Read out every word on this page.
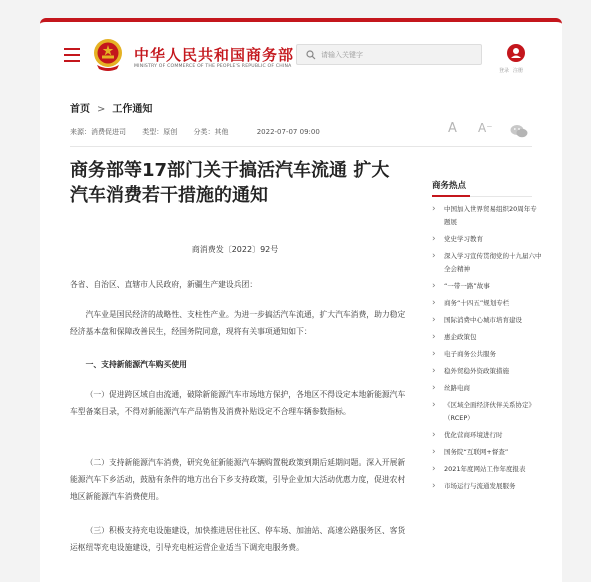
中华人民共和国商务部
MINISTRY OF COMMERCE OF THE PEOPLE'S REPUBLIC OF CHINA
请输入关键字
登录 注册
首页 > 工作通知
来源：消费促进司 类型：原创 分类：其他	2022-07-07 09:00	A A⁻
商务部等17部门关于搞活汽车流通 扩大汽车消费若干措施的通知
商消费发〔2022〕92号

各省、自治区、直辖市人民政府，新疆生产建设兵团：

汽车业是国民经济的战略性、支柱性产业。为进一步搞活汽车流通，扩大汽车消费，助力稳定经济基本盘和保障改善民生，经国务院同意，现将有关事项通知如下：

一、支持新能源汽车购买使用

（一）促进跨区域自由流通，破除新能源汽车市场地方保护，各地区不得设定本地新能源汽车车型备案目录，不得对新能源汽车产品销售及消费补贴设定不合理车辆参数指标。

（二）支持新能源汽车消费，研究免征新能源汽车辆购置税政策到期后延期问题。深入开展新能源汽车下乡活动，鼓励有条件的地方出台下乡支持政策，引导企业加大活动优惠力度，促进农村地区新能源汽车消费使用。

（三）积极支持充电设施建设，加快推进居住社区、停车场、加油站、高速公路服务区、客货运枢纽等充电设施建设，引导充电桩运营企业适当下调充电服务费。

商务热点
› 中国加入世界贸易组织20周年专题展
› 党史学习教育
› 深入学习宣传贯彻党的十九届六中全会精神
› “一带一路”故事
› 商务“十四五”规划专栏
› 国际消费中心城市培育建设
› 惠企政策包
› 电子商务公共服务
› 稳外贸稳外资政策措施
› 丝路电商
› 《区域全面经济伙伴关系协定》（RCEP）
› 优化营商环境进行时
› 国务院“互联网+督查”
› 2021年度网站工作年度报表
› 市场运行与流通发展服务
